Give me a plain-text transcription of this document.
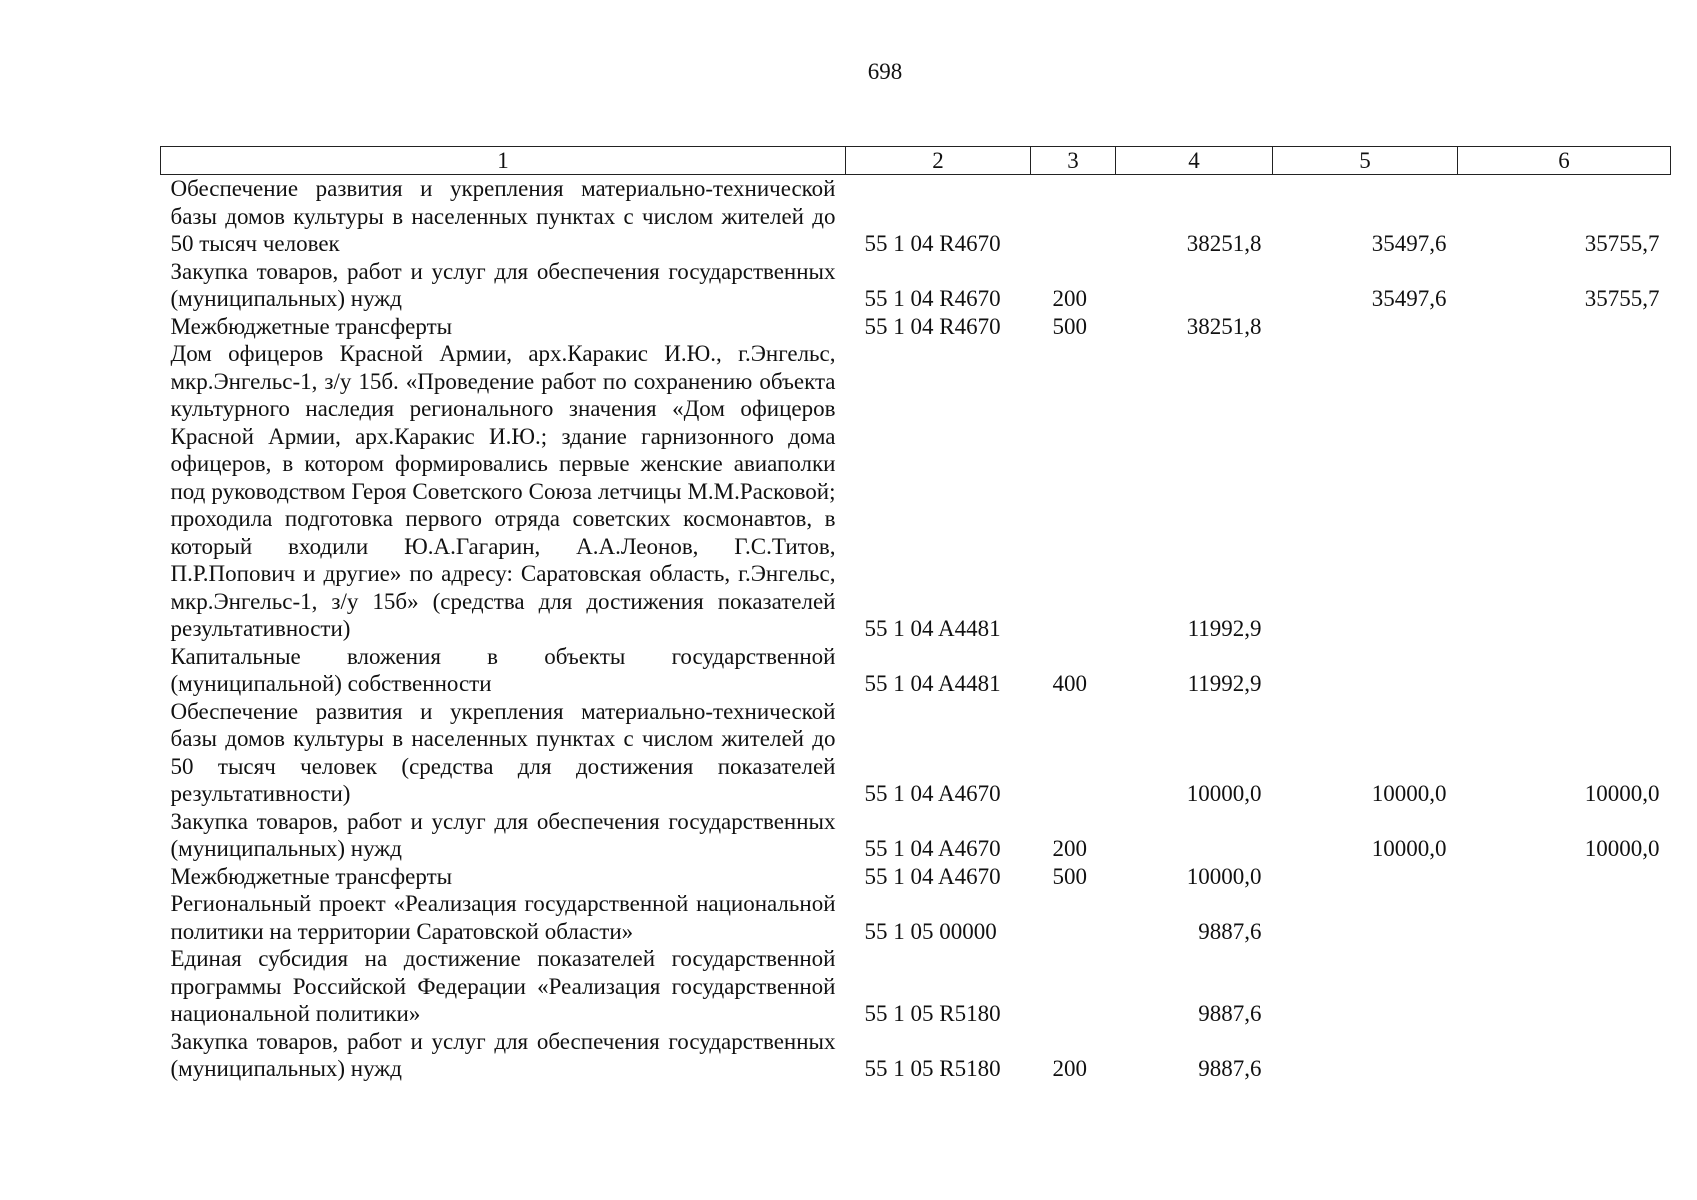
698
1	2	3	4	5	6
Обеспечение развития и укрепления материально-технической базы домов культуры в населенных пунктах с числом жителей до 50 тысяч человек	55 1 04 R4670		38251,8	35497,6	35755,7
Закупка товаров, работ и услуг для обеспечения государственных (муниципальных) нужд	55 1 04 R4670	200		35497,6	35755,7
Межбюджетные трансферты	55 1 04 R4670	500	38251,8		
Дом офицеров Красной Армии, арх.Каракис И.Ю., г.Энгельс, мкр.Энгельс-1, з/у 15б. «Проведение работ по сохранению объекта культурного наследия регионального значения «Дом офицеров Красной Армии, арх.Каракис И.Ю.; здание гарнизонного дома офицеров, в котором формировались первые женские авиаполки под руководством Героя Советского Союза летчицы М.М.Расковой; проходила подготовка первого отряда советских космонавтов, в который входили Ю.А.Гагарин, А.А.Леонов, Г.С.Титов, П.Р.Попович и другие» по адресу: Саратовская область, г.Энгельс, мкр.Энгельс-1, з/у 15б» (средства для достижения показателей результативности)	55 1 04 A4481		11992,9		
Капитальные вложения в объекты государственной (муниципальной) собственности	55 1 04 A4481	400	11992,9		
Обеспечение развития и укрепления материально-технической базы домов культуры в населенных пунктах с числом жителей до 50 тысяч человек (средства для достижения показателей результативности)	55 1 04 A4670		10000,0	10000,0	10000,0
Закупка товаров, работ и услуг для обеспечения государственных (муниципальных) нужд	55 1 04 A4670	200		10000,0	10000,0
Межбюджетные трансферты	55 1 04 A4670	500	10000,0		
Региональный проект «Реализация государственной национальной политики на территории Саратовской области»	55 1 05 00000		9887,6		
Единая субсидия на достижение показателей государственной программы Российской Федерации «Реализация государственной национальной политики»	55 1 05 R5180		9887,6		
Закупка товаров, работ и услуг для обеспечения государственных (муниципальных) нужд	55 1 05 R5180	200	9887,6		
